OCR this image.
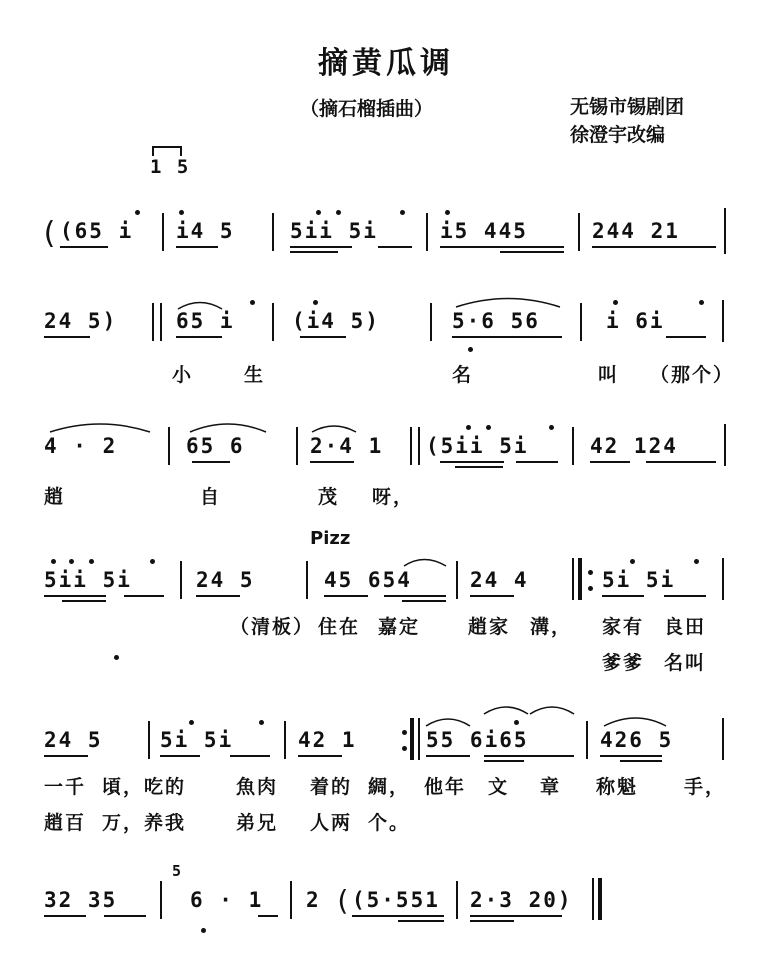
摘黄瓜调
（摘石榴插曲）	无锡市锡剧团
徐澄宇改编
1 5
( (65 i i4 5	5ii 5i	i5 445	244 21
24 5)	65 i	(i4 5)	5·6 56	i 6i
小	生	名	叫 （那个）
4 · 2	65 6	2·4 1 (5ii 5i	42 124
趙	自	茂 呀，
Pizz
5ii 5i	24 5	45 654	24 4	5i 5i
（清板） 住在 嘉定	趙家 溝， 家有 良田
爹爹 名叫
24 5	5i 5i	42 1	55 6i65	426 5
一千 頃，吃的	魚肉 着的 綢， 他年 文 章 称魁 手，
趙百 万，养我	弟兄 人两 个。
32 35
5
6 · 1 2 ( (5·551 2·3 20)
